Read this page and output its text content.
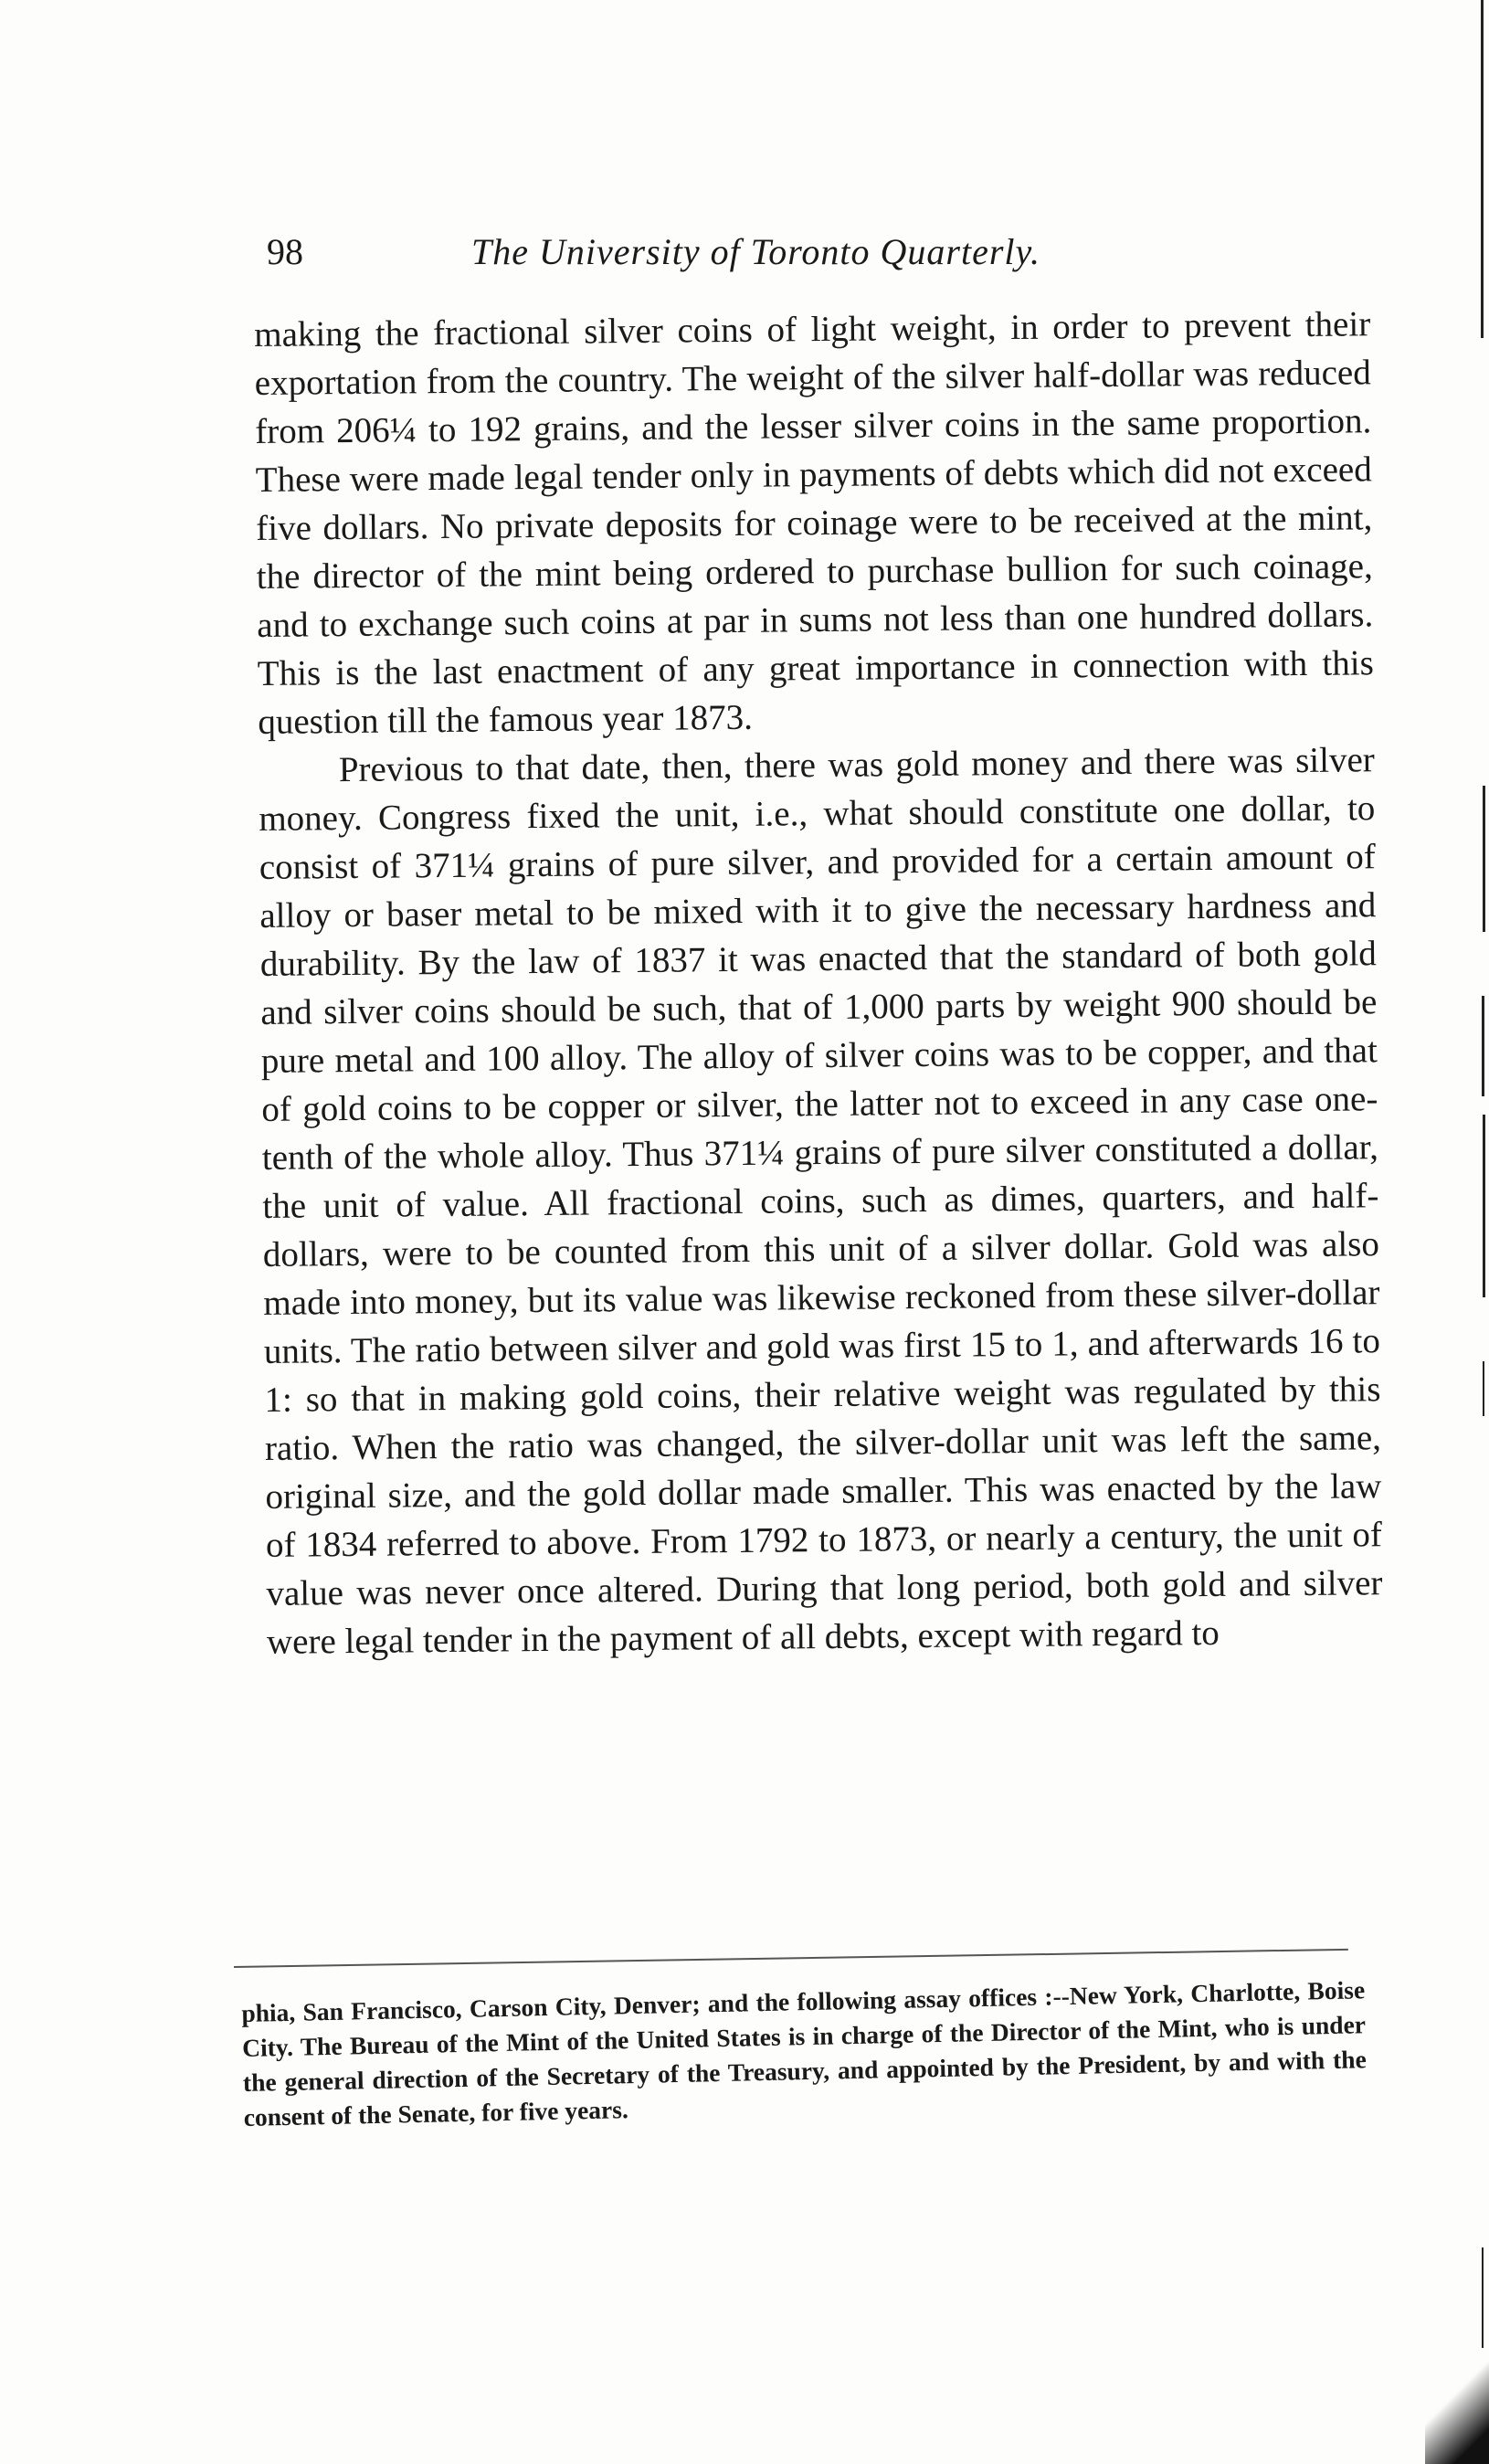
98	The University of Toronto Quarterly.

making the fractional silver coins of light weight, in order to prevent their exportation from the country. The weight of the silver half-dollar was reduced from 206¼ to 192 grains, and the lesser silver coins in the same proportion. These were made legal tender only in payments of debts which did not exceed five dollars. No private deposits for coinage were to be received at the mint, the director of the mint being ordered to purchase bullion for such coinage, and to exchange such coins at par in sums not less than one hundred dollars. This is the last enactment of any great importance in connection with this question till the famous year 1873.

Previous to that date, then, there was gold money and there was silver money. Congress fixed the unit, i.e., what should constitute one dollar, to consist of 371¼ grains of pure silver, and provided for a certain amount of alloy or baser metal to be mixed with it to give the necessary hardness and durability. By the law of 1837 it was enacted that the standard of both gold and silver coins should be such, that of 1,000 parts by weight 900 should be pure metal and 100 alloy. The alloy of silver coins was to be copper, and that of gold coins to be copper or silver, the latter not to exceed in any case one-tenth of the whole alloy. Thus 371¼ grains of pure silver constituted a dollar, the unit of value. All fractional coins, such as dimes, quarters, and half-dollars, were to be counted from this unit of a silver dollar. Gold was also made into money, but its value was likewise reckoned from these silver-dollar units. The ratio between silver and gold was first 15 to 1, and afterwards 16 to 1: so that in making gold coins, their relative weight was regulated by this ratio. When the ratio was changed, the silver-dollar unit was left the same, original size, and the gold dollar made smaller. This was enacted by the law of 1834 referred to above. From 1792 to 1873, or nearly a century, the unit of value was never once altered. During that long period, both gold and silver were legal tender in the payment of all debts, except with regard to

phia, San Francisco, Carson City, Denver; and the following assay offices :--New York, Charlotte, Boise City. The Bureau of the Mint of the United States is in charge of the Director of the Mint, who is under the general direction of the Secretary of the Treasury, and appointed by the President, by and with the consent of the Senate, for five years.
